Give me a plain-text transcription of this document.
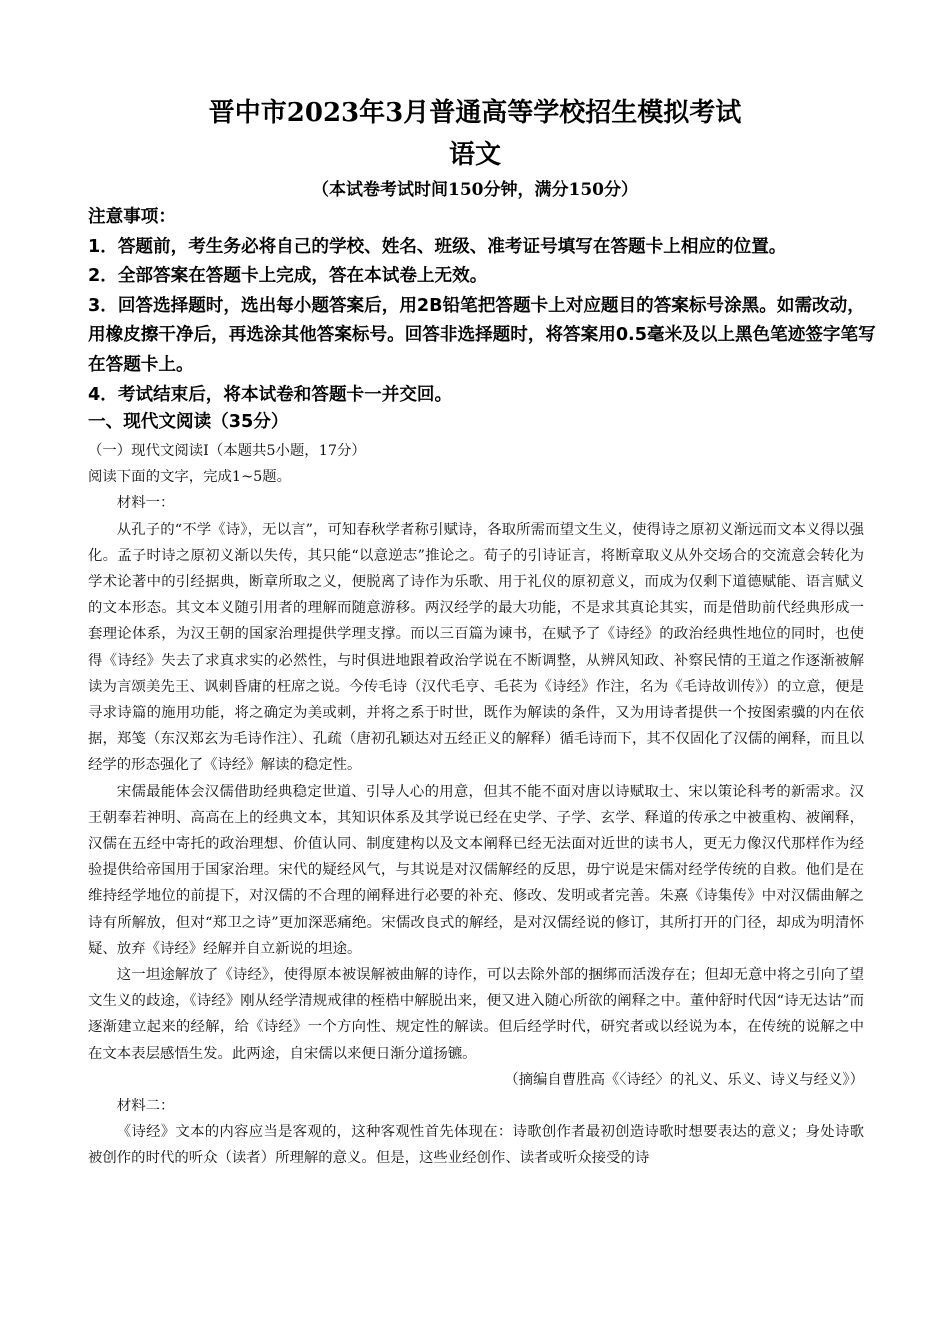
晋中市2023年3月普通高等学校招生模拟考试
语文
（本试卷考试时间150分钟，满分150分）

注意事项：

1．答题前，考生务必将自己的学校、姓名、班级、准考证号填写在答题卡上相应的位置。

2．全部答案在答题卡上完成，答在本试卷上无效。

3．回答选择题时，选出每小题答案后，用2B铅笔把答题卡上对应题目的答案标号涂黑。如需改动，用橡皮擦干净后，再选涂其他答案标号。回答非选择题时，将答案用0.5毫米及以上黑色笔迹签字笔写在答题卡上。

4．考试结束后，将本试卷和答题卡一并交回。

一、现代文阅读（35分）

（一）现代文阅读Ⅰ（本题共5小题，17分）

阅读下面的文字，完成1~5题。

材料一：

从孔子的“不学《诗》，无以言”，可知春秋学者称引赋诗，各取所需而望文生义，使得诗之原初义渐远而文本义得以强化。孟子时诗之原初义渐以失传，其只能“以意逆志”推论之。荀子的引诗证言，将断章取义从外交场合的交流意会转化为学术论著中的引经据典，断章所取之义，便脱离了诗作为乐歌、用于礼仪的原初意义，而成为仅剩下道德赋能、语言赋义的文本形态。其文本义随引用者的理解而随意游移。两汉经学的最大功能，不是求其真论其实，而是借助前代经典形成一套理论体系，为汉王朝的国家治理提供学理支撑。而以三百篇为谏书，在赋予了《诗经》的政治经典性地位的同时，也使得《诗经》失去了求真求实的必然性，与时俱进地跟着政治学说在不断调整，从辨风知政、补察民情的王道之作逐渐被解读为言颂美先王、讽刺昏庸的枉席之说。今传毛诗（汉代毛亨、毛苌为《诗经》作注，名为《毛诗故训传》）的立意，便是寻求诗篇的施用功能，将之确定为美或刺，并将之系于时世，既作为解读的条件，又为用诗者提供一个按图索骥的内在依据，郑笺（东汉郑玄为毛诗作注）、孔疏（唐初孔颖达对五经正义的解释）循毛诗而下，其不仅固化了汉儒的阐释，而且以经学的形态强化了《诗经》解读的稳定性。

宋儒最能体会汉儒借助经典稳定世道、引导人心的用意，但其不能不面对唐以诗赋取士、宋以策论科考的新需求。汉王朝奉若神明、高高在上的经典文本，其知识体系及其学说已经在史学、子学、玄学、释道的传承之中被重构、被阐释，汉儒在五经中寄托的政治理想、价值认同、制度建构以及文本阐释已经无法面对近世的读书人，更无力像汉代那样作为经验提供给帝国用于国家治理。宋代的疑经风气，与其说是对汉儒解经的反思，毋宁说是宋儒对经学传统的自救。他们是在维持经学地位的前提下，对汉儒的不合理的阐释进行必要的补充、修改、发明或者完善。朱熹《诗集传》中对汉儒曲解之诗有所解放，但对“郑卫之诗”更加深恶痛绝。宋儒改良式的解经，是对汉儒经说的修订，其所打开的门径，却成为明清怀疑、放弃《诗经》经解并自立新说的坦途。

这一坦途解放了《诗经》，使得原本被误解被曲解的诗作，可以去除外部的捆绑而活泼存在；但却无意中将之引向了望文生义的歧途，《诗经》刚从经学清规戒律的桎梏中解脱出来，便又进入随心所欲的阐释之中。董仲舒时代因“诗无达诂”而逐渐建立起来的经解，给《诗经》一个方向性、规定性的解读。但后经学时代，研究者或以经说为本，在传统的说解之中在文本表层感悟生发。此两途，自宋儒以来便日渐分道扬镳。

（摘编自曹胜高《〈诗经〉的礼义、乐义、诗义与经义》）

材料二：

《诗经》文本的内容应当是客观的，这种客观性首先体现在：诗歌创作者最初创造诗歌时想要表达的意义；身处诗歌被创作的时代的听众（读者）所理解的意义。但是，这些业经创作、读者或听众接受的诗
